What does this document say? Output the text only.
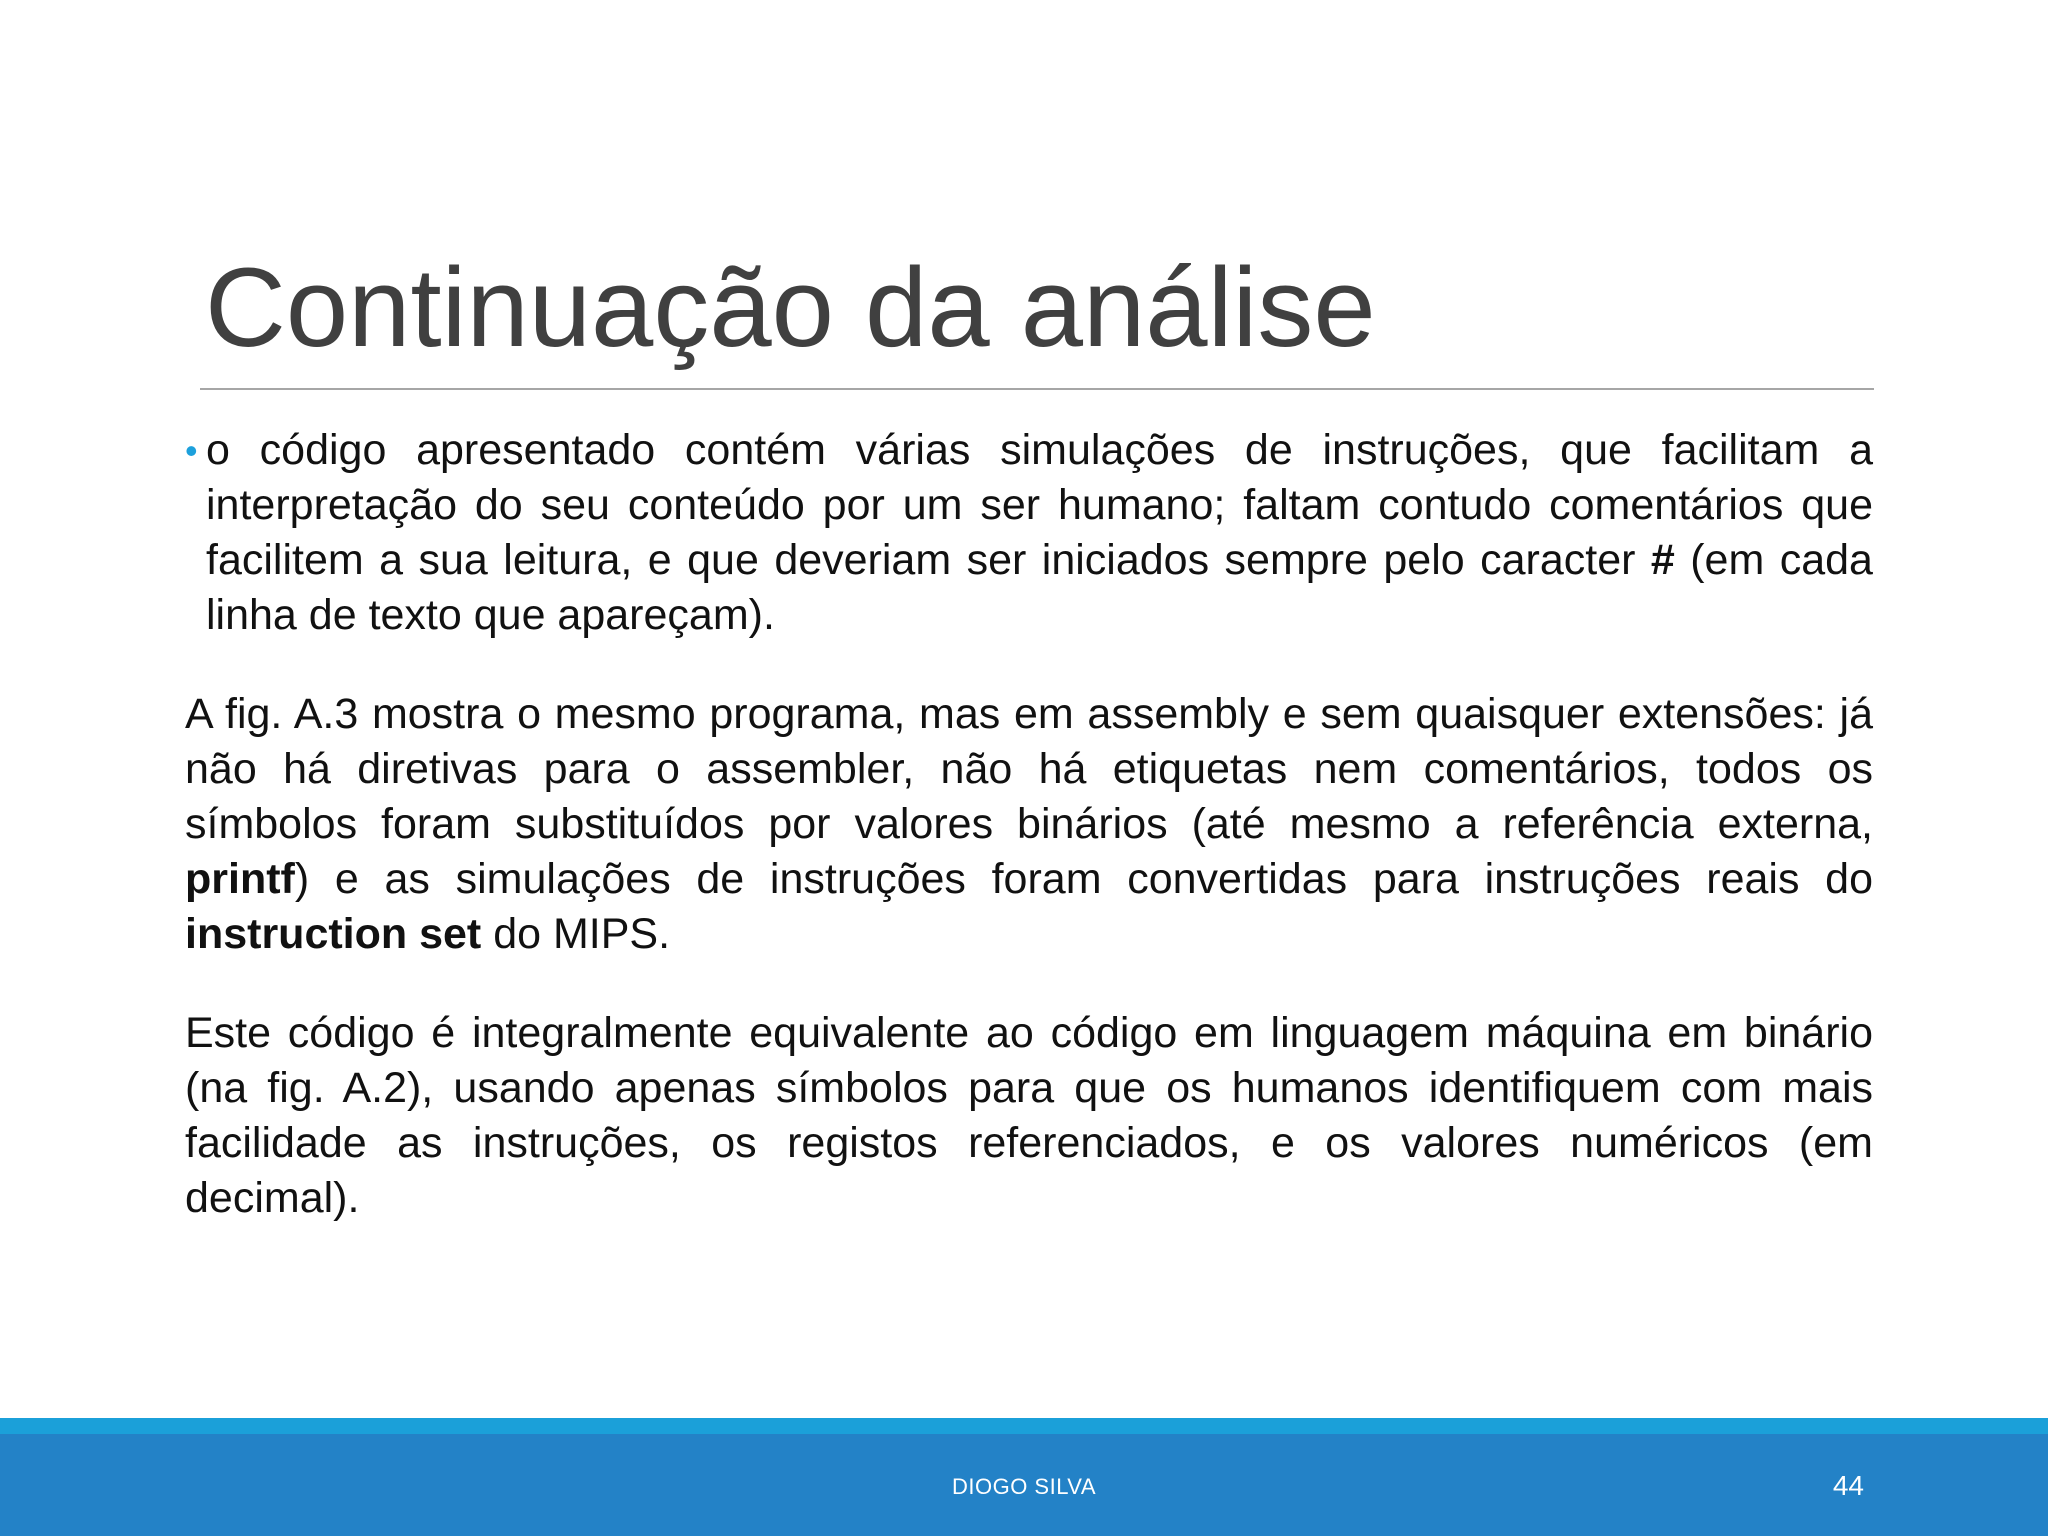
Continuação da análise

• o código apresentado contém várias simulações de instruções, que facilitam a interpretação do seu conteúdo por um ser humano; faltam contudo comentários que facilitem a sua leitura, e que deveriam ser iniciados sempre pelo caracter # (em cada linha de texto que apareçam).

A fig. A.3 mostra o mesmo programa, mas em assembly e sem quaisquer extensões: já não há diretivas para o assembler, não há etiquetas nem comentários, todos os símbolos foram substituídos por valores binários (até mesmo a referência externa, printf) e as simulações de instruções foram convertidas para instruções reais do instruction set do MIPS.

Este código é integralmente equivalente ao código em linguagem máquina em binário (na fig. A.2), usando apenas símbolos para que os humanos identifiquem com mais facilidade as instruções, os registos referenciados, e os valores numéricos (em decimal).

DIOGO SILVA	44
